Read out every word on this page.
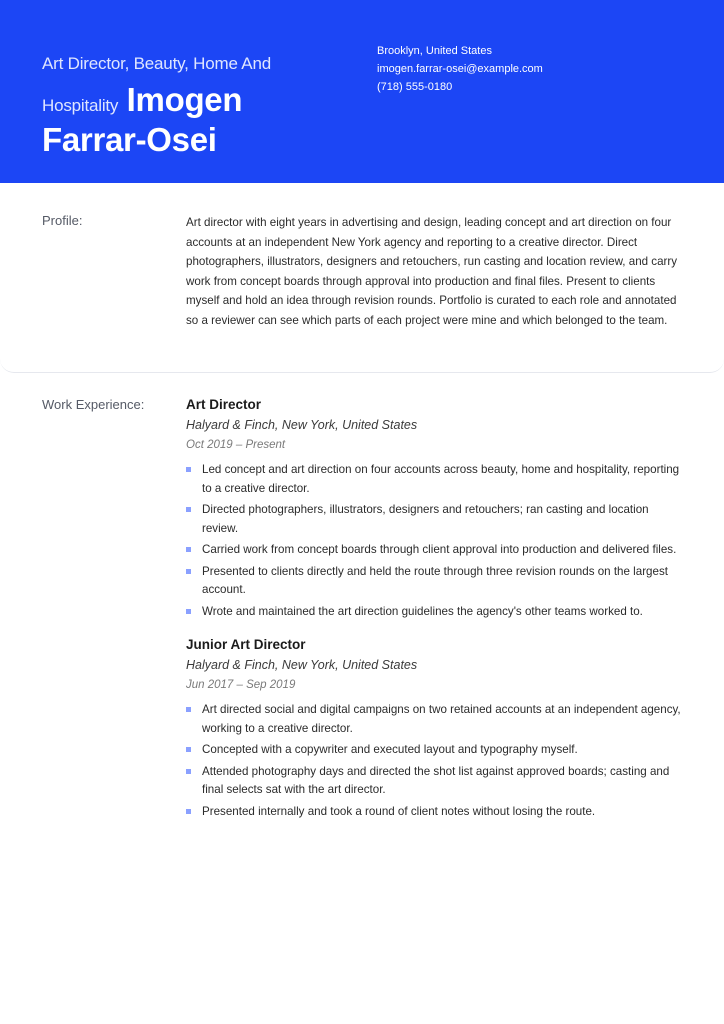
Art Director, Beauty, Home And Hospitality Imogen
Farrar-Osei
Brooklyn, United States
imogen.farrar-osei@example.com
(718) 555-0180
Profile:	Art director with eight years in advertising and design, leading concept and art direction on four accounts at an independent New York agency and reporting to a creative director. Direct photographers, illustrators, designers and retouchers, run casting and location review, and carry work from concept boards through approval into production and final files. Present to clients myself and hold an idea through revision rounds. Portfolio is curated to each role and annotated so a reviewer can see which parts of each project were mine and which belonged to the team.
Work Experience:	Art Director
Halyard & Finch, New York, United States
Oct 2019 – Present
Led concept and art direction on four accounts across beauty, home and hospitality, reporting to a creative director.
Directed photographers, illustrators, designers and retouchers; ran casting and location review.
Carried work from concept boards through client approval into production and delivered files.
Presented to clients directly and held the route through three revision rounds on the largest account.
Wrote and maintained the art direction guidelines the agency's other teams worked to.
Junior Art Director
Halyard & Finch, New York, United States
Jun 2017 – Sep 2019
Art directed social and digital campaigns on two retained accounts at an independent agency, working to a creative director.
Concepted with a copywriter and executed layout and typography myself.
Attended photography days and directed the shot list against approved boards; casting and final selects sat with the art director.
Presented internally and took a round of client notes without losing the route.
